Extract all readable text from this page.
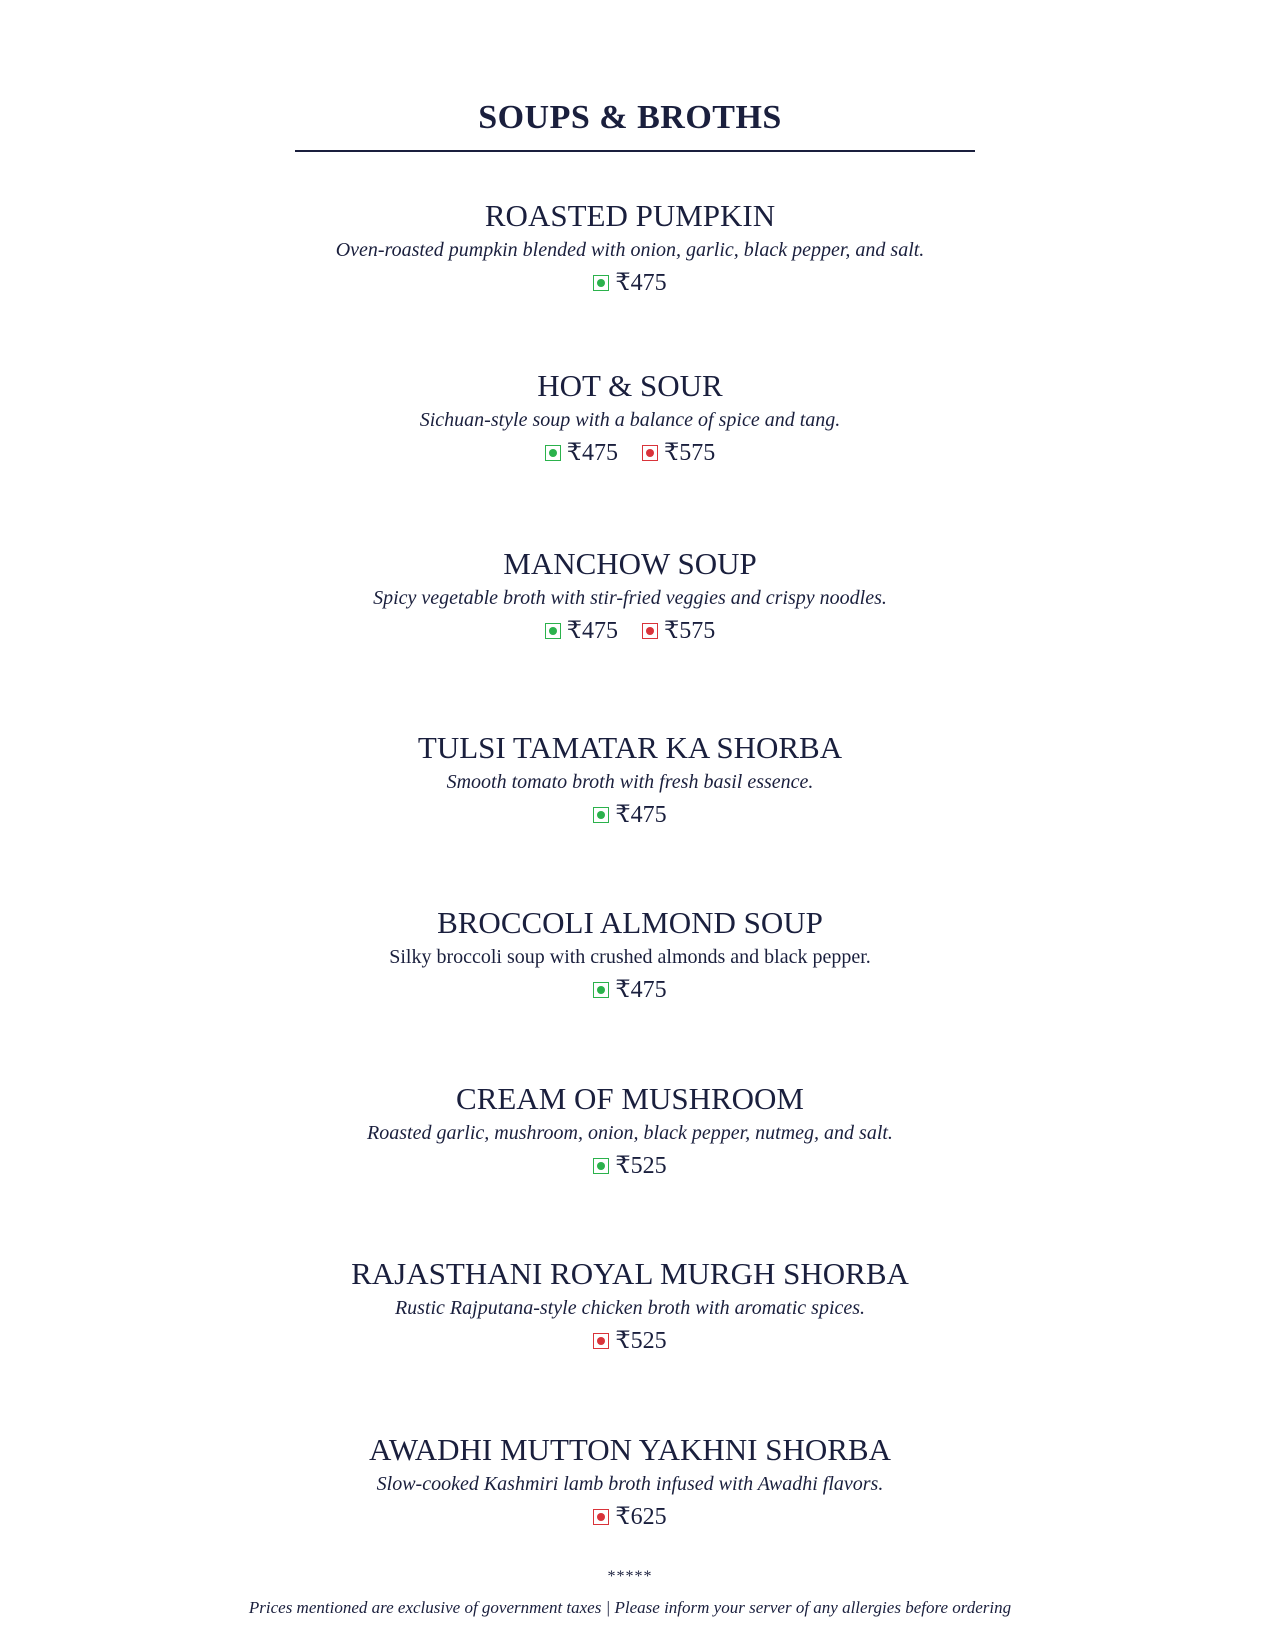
SOUPS & BROTHS
ROASTED PUMPKIN
Oven-roasted pumpkin blended with onion, garlic, black pepper, and salt.
₹475
HOT & SOUR
Sichuan-style soup with a balance of spice and tang.
₹475 ₹575
MANCHOW SOUP
Spicy vegetable broth with stir-fried veggies and crispy noodles.
₹475 ₹575
TULSI TAMATAR KA SHORBA
Smooth tomato broth with fresh basil essence.
₹475
BROCCOLI ALMOND SOUP
Silky broccoli soup with crushed almonds and black pepper.
₹475
CREAM OF MUSHROOM
Roasted garlic, mushroom, onion, black pepper, nutmeg, and salt.
₹525
RAJASTHANI ROYAL MURGH SHORBA
Rustic Rajputana-style chicken broth with aromatic spices.
₹525
AWADHI MUTTON YAKHNI SHORBA
Slow-cooked Kashmiri lamb broth infused with Awadhi flavors.
₹625
*****
Prices mentioned are exclusive of government taxes | Please inform your server of any allergies before ordering
